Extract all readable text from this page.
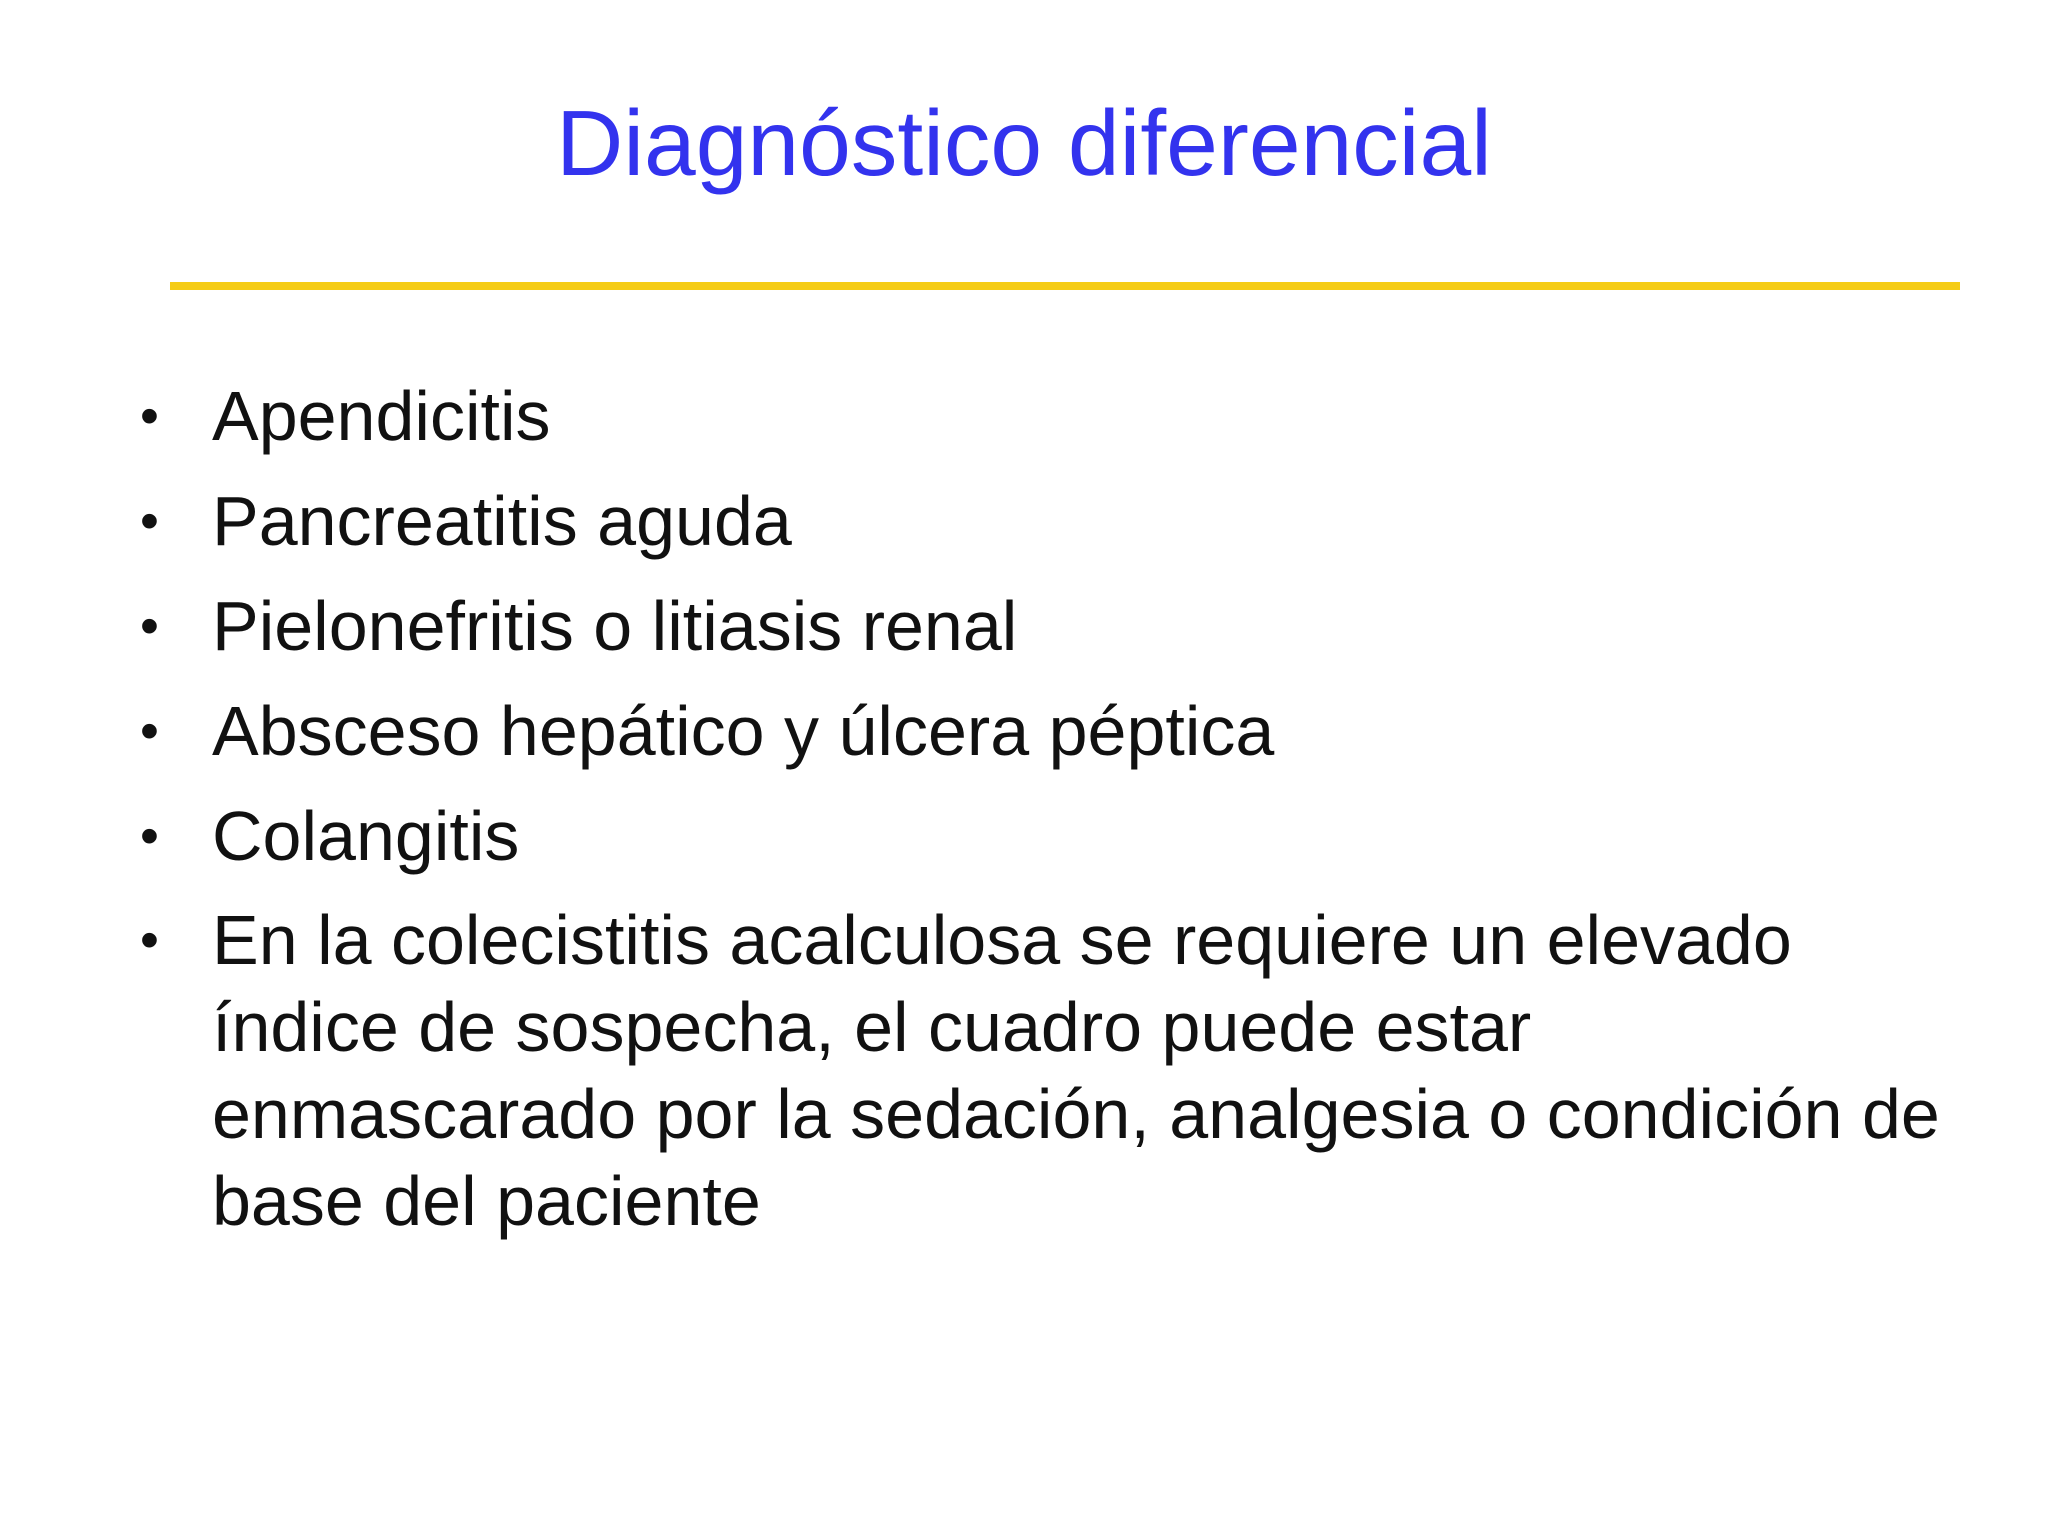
Diagnóstico diferencial
• Apendicitis
• Pancreatitis aguda
• Pielonefritis o litiasis renal
• Absceso hepático y úlcera péptica
• Colangitis
• En la colecistitis acalculosa se requiere un elevado índice de sospecha, el cuadro puede estar enmascarado por la sedación, analgesia o condición de base del paciente
